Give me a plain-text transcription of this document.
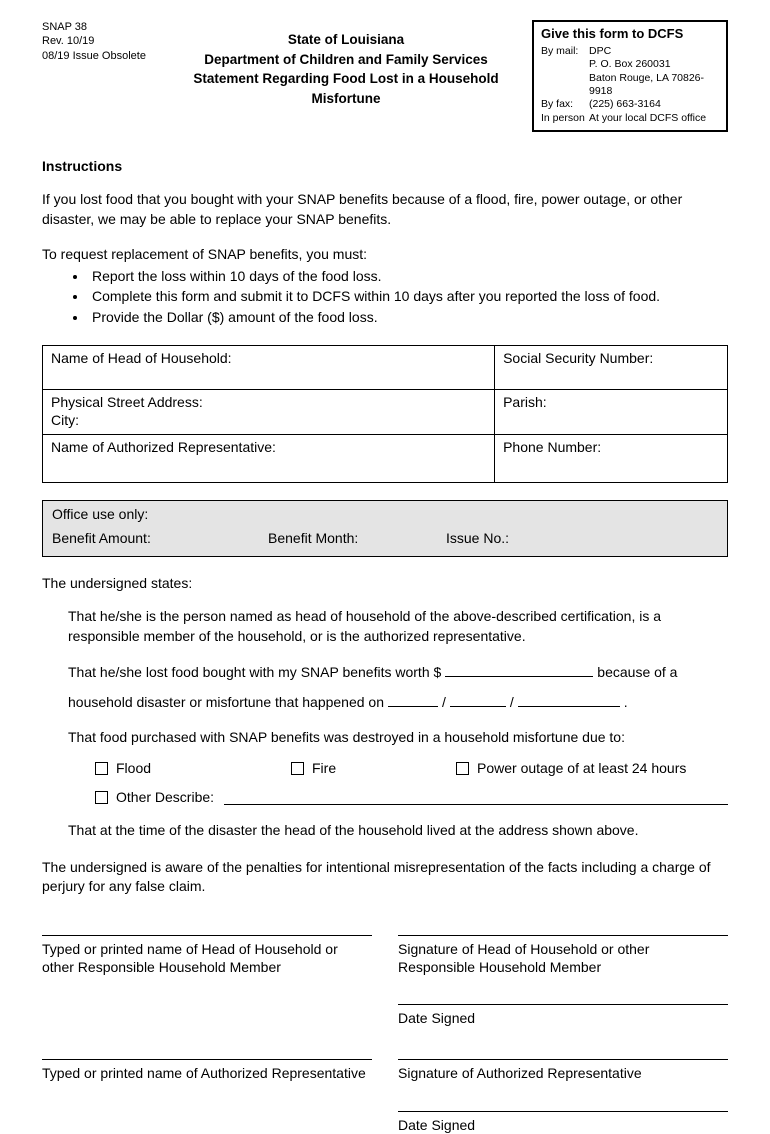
SNAP 38
Rev. 10/19
08/19 Issue Obsolete
State of Louisiana
Department of Children and Family Services
Statement Regarding Food Lost in a Household Misfortune
Give this form to DCFS
By mail:	DPC
P. O. Box 260031
Baton Rouge, LA 70826-9918
By fax:	(225) 663-3164
In person At your local DCFS office
Instructions
If you lost food that you bought with your SNAP benefits because of a flood, fire, power outage, or other disaster, we may be able to replace your SNAP benefits.
To request replacement of SNAP benefits, you must:
• Report the loss within 10 days of the food loss.
• Complete this form and submit it to DCFS within 10 days after you reported the loss of food.
• Provide the Dollar ($) amount of the food loss.
Name of Head of Household:	Social Security Number:

Physical Street Address:
City:	Parish:
Name of Authorized Representative:	Phone Number:
Office use only:
Benefit Amount:	Benefit Month:	Issue No.:
The undersigned states:
That he/she is the person named as head of household of the above-described certification, is a responsible member of the household, or is the authorized representative.
That he/she lost food bought with my SNAP benefits worth $	because of a
household disaster or misfortune that happened on	/	/	.
That food purchased with SNAP benefits was destroyed in a household misfortune due to:
Flood	Fire	Power outage of at least 24 hours
Other Describe:
That at the time of the disaster the head of the household lived at the address shown above.
The undersigned is aware of the penalties for intentional misrepresentation of the facts including a charge of perjury for any false claim.
Typed or printed name of Head of Household or other Responsible Household Member
Signature of Head of Household or other Responsible Household Member
Date Signed
Typed or printed name of Authorized Representative	Signature of Authorized Representative
Date Signed
